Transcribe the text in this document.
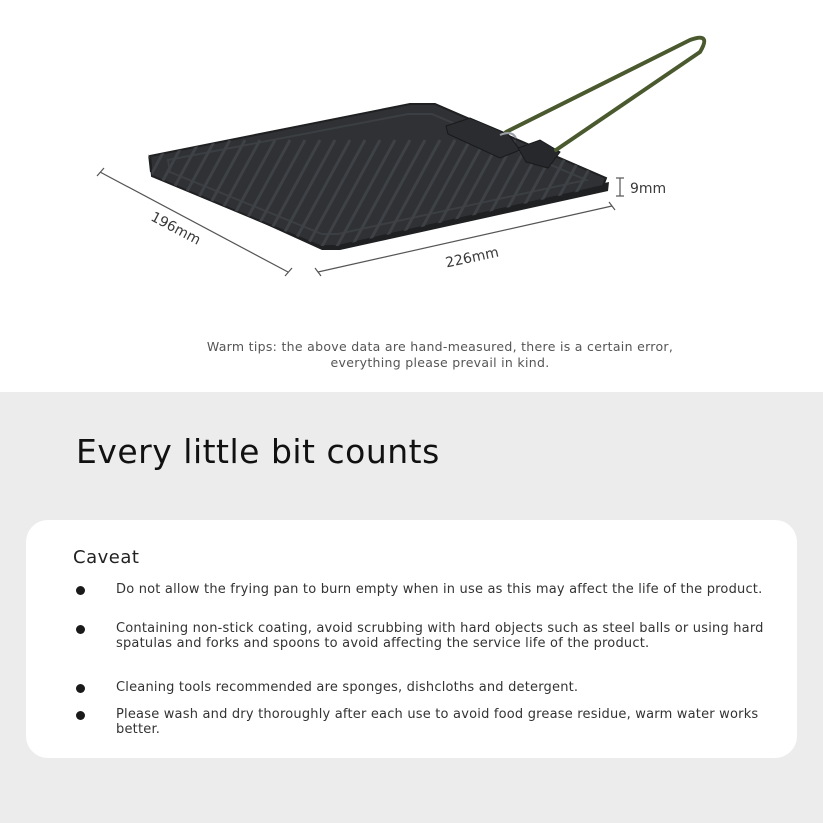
196mm
226mm
9mm
Warm tips: the above data are hand-measured, there is a certain error,
everything please prevail in kind.
Every little bit counts
Caveat
Do not allow the frying pan to burn empty when in use as this may affect the life of the product.
Containing non-stick coating, avoid scrubbing with hard objects such as steel balls or using hard spatulas and forks and spoons to avoid affecting the service life of the product.
Cleaning tools recommended are sponges, dishcloths and detergent.
Please wash and dry thoroughly after each use to avoid food grease residue, warm water works better.
